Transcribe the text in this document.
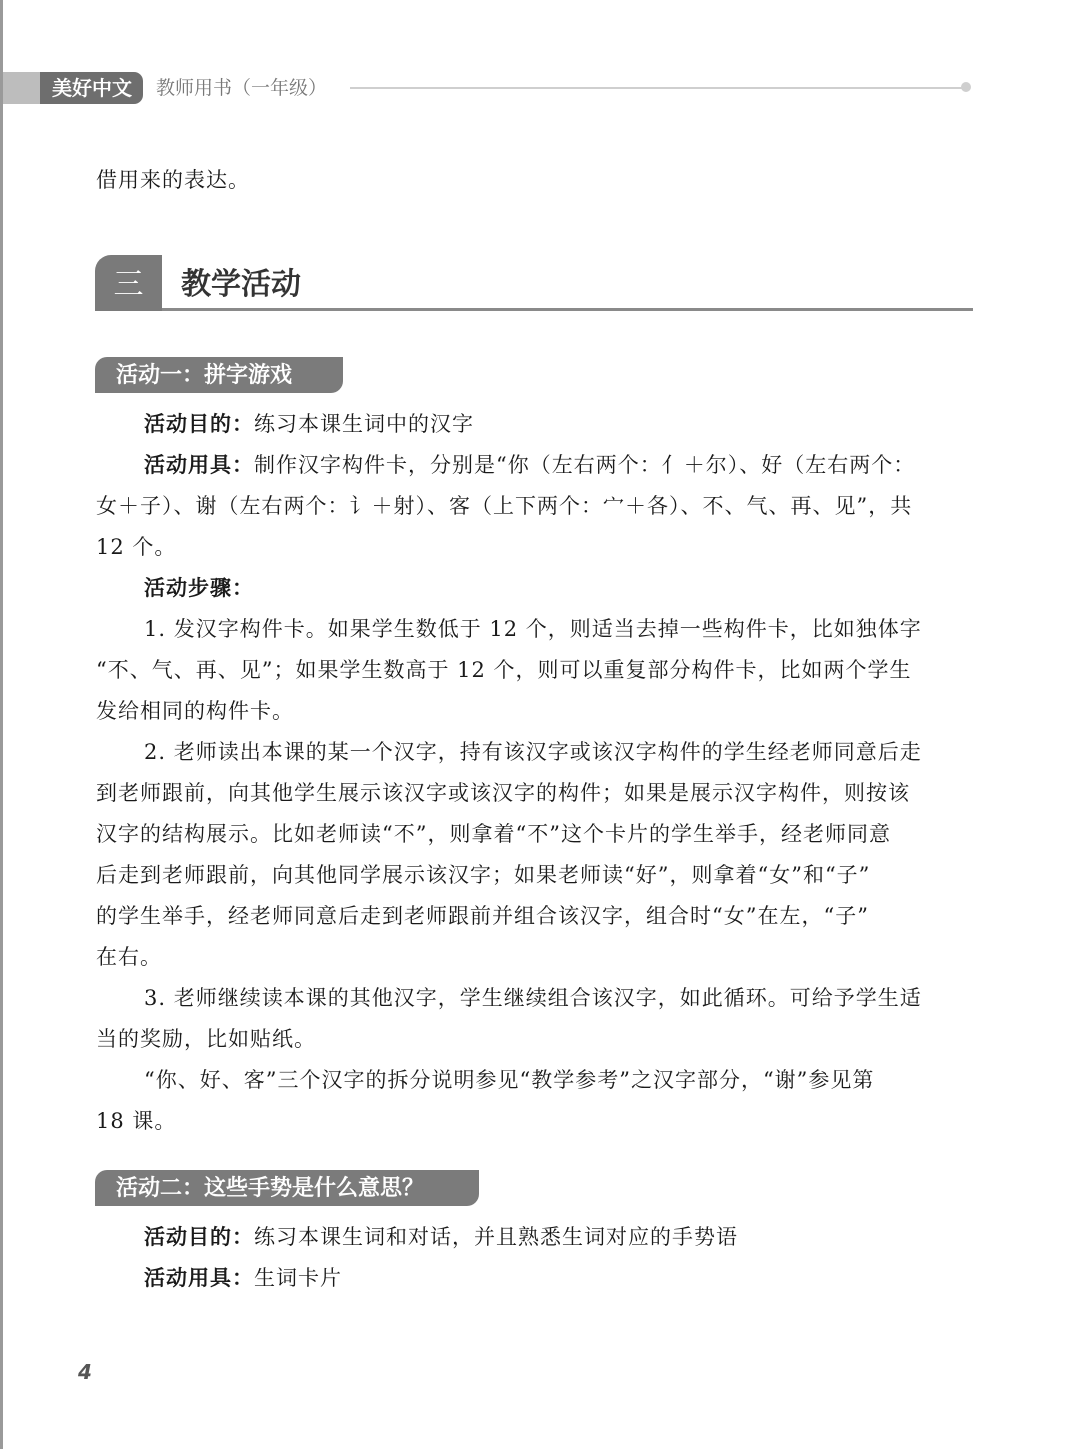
美好中文 教师用书（一年级）
借用来的表达。
三	教学活动
活动一：拼字游戏
活动目的：练习本课生词中的汉字
活动用具：制作汉字构件卡，分别是“你（左右两个：亻＋尔）、好（左右两个：
女＋子）、谢（左右两个：讠＋射）、客（上下两个：宀＋各）、不、气、再、见”，共
12 个。
活动步骤：
1. 发汉字构件卡。如果学生数低于 12 个，则适当去掉一些构件卡，比如独体字
“不、气、再、见”；如果学生数高于 12 个，则可以重复部分构件卡，比如两个学生
发给相同的构件卡。
2. 老师读出本课的某一个汉字，持有该汉字或该汉字构件的学生经老师同意后走
到老师跟前，向其他学生展示该汉字或该汉字的构件；如果是展示汉字构件，则按该
汉字的结构展示。比如老师读“不”，则拿着“不”这个卡片的学生举手，经老师同意
后走到老师跟前，向其他同学展示该汉字；如果老师读“好”，则拿着“女”和“子”
的学生举手，经老师同意后走到老师跟前并组合该汉字，组合时“女”在左，“子”
在右。
3. 老师继续读本课的其他汉字，学生继续组合该汉字，如此循环。可给予学生适
当的奖励，比如贴纸。
“你、好、客”三个汉字的拆分说明参见“教学参考”之汉字部分，“谢”参见第
18 课。
活动二：这些手势是什么意思？
活动目的：练习本课生词和对话，并且熟悉生词对应的手势语
活动用具：生词卡片
4
